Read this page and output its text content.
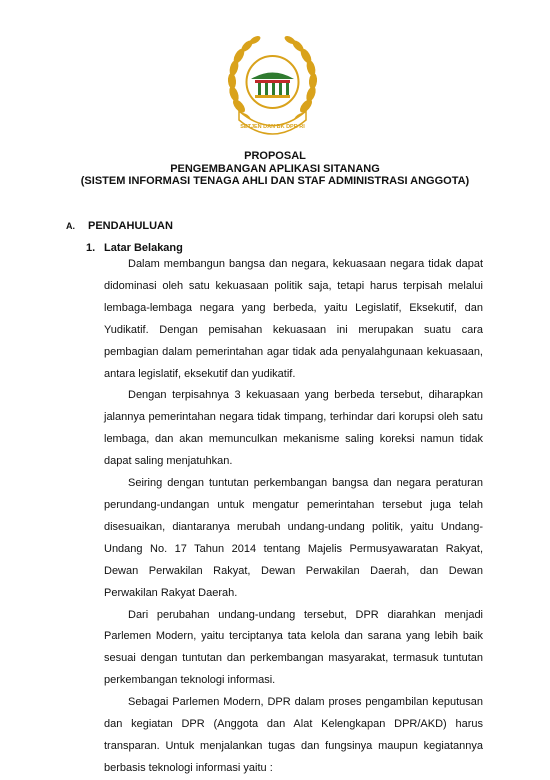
SETJEN DAN BK DPR RI
PROPOSAL
PENGEMBANGAN APLIKASI SITANANG
(SISTEM INFORMASI TENAGA AHLI DAN STAF ADMINISTRASI ANGGOTA)
A. PENDAHULUAN
1. Latar Belakang

Dalam membangun bangsa dan negara, kekuasaan negara tidak dapat didominasi oleh satu kekuasaan politik saja, tetapi harus terpisah melalui lembaga-lembaga negara yang berbeda, yaitu Legislatif, Eksekutif, dan Yudikatif. Dengan pemisahan kekuasaan ini merupakan suatu cara pembagian dalam pemerintahan agar tidak ada penyalahgunaan kekuasaan, antara legislatif, eksekutif dan yudikatif.

Dengan terpisahnya 3 kekuasaan yang berbeda tersebut, diharapkan jalannya pemerintahan negara tidak timpang, terhindar dari korupsi oleh satu lembaga, dan akan memunculkan mekanisme saling koreksi namun tidak dapat saling menjatuhkan.

Seiring dengan tuntutan perkembangan bangsa dan negara peraturan perundang-undangan untuk mengatur pemerintahan tersebut juga telah disesuaikan, diantaranya merubah undang-undang politik, yaitu Undang-Undang No. 17 Tahun 2014 tentang Majelis Permusyawaratan Rakyat, Dewan Perwakilan Rakyat, Dewan Perwakilan Daerah, dan Dewan Perwakilan Rakyat Daerah.

Dari perubahan undang-undang tersebut, DPR diarahkan menjadi Parlemen Modern, yaitu terciptanya tata kelola dan sarana yang lebih baik sesuai dengan tuntutan dan perkembangan masyarakat, termasuk tuntutan perkembangan teknologi informasi.

Sebagai Parlemen Modern, DPR dalam proses pengambilan keputusan dan kegiatan DPR (Anggota dan Alat Kelengkapan DPR/AKD) harus transparan. Untuk menjalankan tugas dan fungsinya maupun kegiatannya berbasis teknologi informasi yaitu :
